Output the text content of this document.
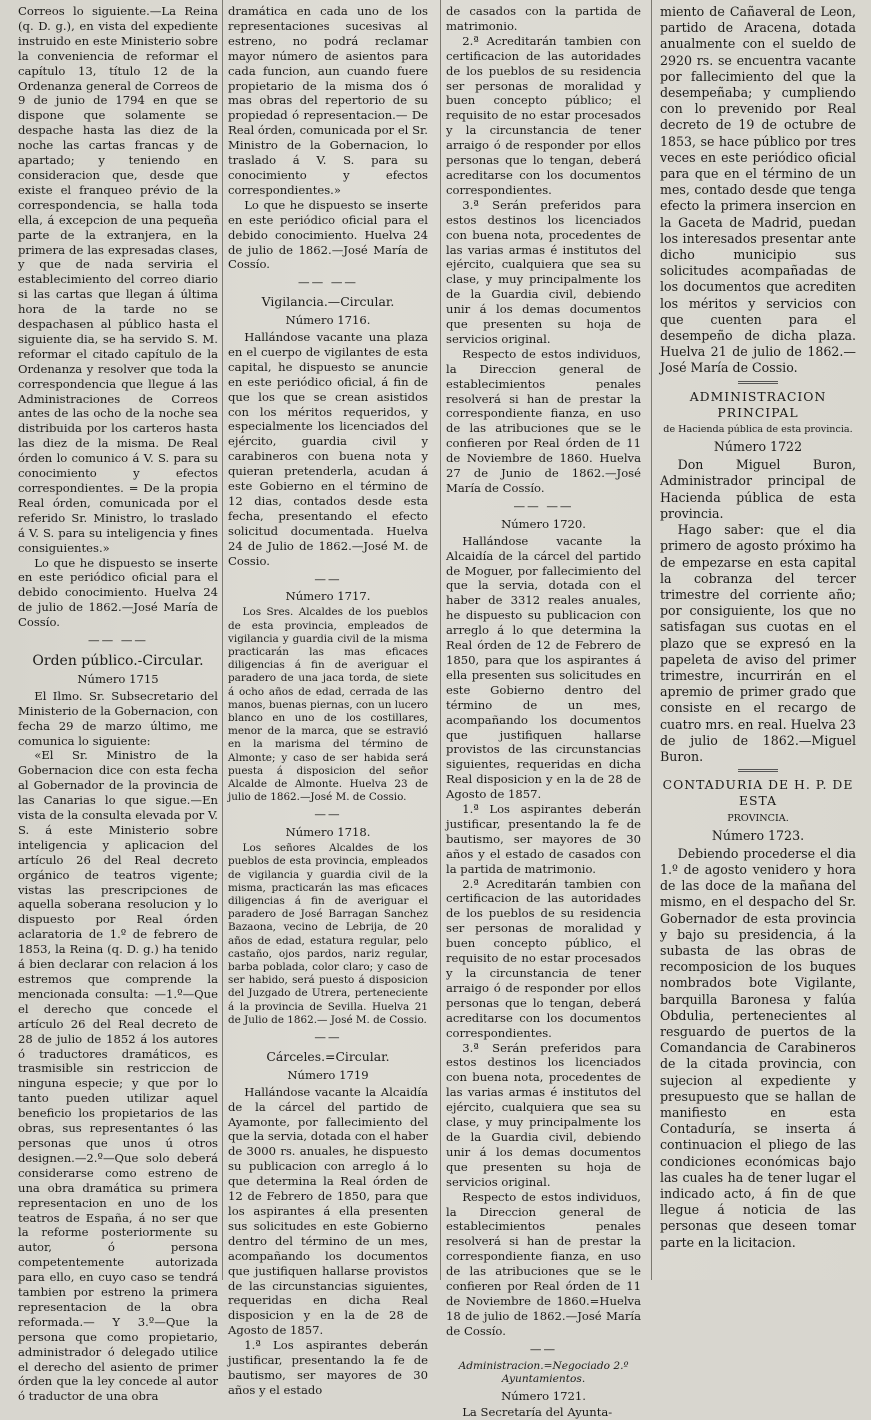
Correos lo siguiente.—La Reina (q. D. g.), en vista del expediente instruido en este Ministerio sobre la conveniencia de reformar el capítulo 13, título 12 de la Ordenanza general de Correos de 9 de junio de 1794 en que se dispone que solamente se despache hasta las diez de la noche las cartas francas y de apartado; y teniendo en consideracion que, desde que existe el franqueo prévio de la correspondencia, se halla toda ella, á excepcion de una pequeña parte de la extranjera, en la primera de las expresadas clases, y que de nada serviria el establecimiento del correo diario si las cartas que llegan á última hora de la tarde no se despachasen al público hasta el siguiente dia, se ha servido S. M. reformar el citado capítulo de la Ordenanza y resolver que toda la correspondencia que llegue á las Administraciones de Correos antes de las ocho de la noche sea distribuida por los carteros hasta las diez de la misma. De Real órden lo comunico á V. S. para su conocimiento y efectos correspondientes. = De la propia Real órden, comunicada por el referido Sr. Ministro, lo traslado á V. S. para su inteligencia y fines consiguientes.»

Lo que he dispuesto se inserte en este periódico oficial para el debido conocimiento. Huelva 24 de julio de 1862.—José María de Cossío.

—— ——
Orden público.-Circular.
Número 1715

El Ilmo. Sr. Subsecretario del Ministerio de la Gobernacion, con fecha 29 de marzo último, me comunica lo siguiente:

«El Sr. Ministro de la Gobernacion dice con esta fecha al Gobernador de la provincia de las Canarias lo que sigue.—En vista de la consulta elevada por V. S. á este Ministerio sobre inteligencia y aplicacion del artículo 26 del Real decreto orgánico de teatros vigente; vistas las prescripciones de aquella soberana resolucion y lo dispuesto por Real órden aclaratoria de 1.º de febrero de 1853, la Reina (q. D. g.) ha tenido á bien declarar con relacion á los estremos que comprende la mencionada consulta: —1.º—Que el derecho que concede el artículo 26 del Real decreto de 28 de julio de 1852 á los autores ó traductores dramáticos, es trasmisible sin restriccion de ninguna especie; y que por lo tanto pueden utilizar aquel beneficio los propietarios de las obras, sus representantes ó las personas que unos ú otros designen.—2.º—Que solo deberá considerarse como estreno de una obra dramática su primera representacion en uno de los teatros de España, á no ser que la reforme posteriormente su autor, ó persona competentemente autorizada para ello, en cuyo caso se tendrá tambien por estreno la primera representacion de la obra reformada.— Y 3.º—Que la persona que como propietario, administrador ó delegado utilice el derecho del asiento de primer órden que la ley concede al autor ó traductor de una obra

dramática en cada uno de los representaciones sucesivas al estreno, no podrá reclamar mayor número de asientos para cada funcion, aun cuando fuere propietario de la misma dos ó mas obras del repertorio de su propiedad ó representacion.— De Real órden, comunicada por el Sr. Ministro de la Gobernacion, lo traslado á V. S. para su conocimiento y efectos correspondientes.»

Lo que he dispuesto se inserte en este periódico oficial para el debido conocimiento. Huelva 24 de julio de 1862.—José María de Cossío.

—— ——
Vigilancia.—Circular.
Número 1716.

Hallándose vacante una plaza en el cuerpo de vigilantes de esta capital, he dispuesto se anuncie en este periódico oficial, á fin de que los que se crean asistidos con los méritos requeridos, y especialmente los licenciados del ejército, guardia civil y carabineros con buena nota y quieran pretenderla, acudan á este Gobierno en el término de 12 dias, contados desde esta fecha, presentando el efecto solicitud documentada. Huelva 24 de Julio de 1862.—José M. de Cossio.

——
Número 1717.

Los Sres. Alcaldes de los pueblos de esta provincia, empleados de vigilancia y guardia civil de la misma practicarán las mas eficaces diligencias á fin de averiguar el paradero de una jaca torda, de siete á ocho años de edad, cerrada de las manos, buenas piernas, con un lucero blanco en uno de los costillares, menor de la marca, que se estravió en la marisma del término de Almonte; y caso de ser habida será puesta á disposicion del señor Alcalde de Almonte. Huelva 23 de julio de 1862.—José M. de Cossio.

——
Número 1718.

Los señores Alcaldes de los pueblos de esta provincia, empleados de vigilancia y guardia civil de la misma, practicarán las mas eficaces diligencias á fin de averiguar el paradero de José Barragan Sanchez Bazaona, vecino de Lebrija, de 20 años de edad, estatura regular, pelo castaño, ojos pardos, nariz regular, barba poblada, color claro; y caso de ser habido, será puesto á disposicion del Juzgado de Utrera, perteneciente á la provincia de Sevilla. Huelva 21 de Julio de 1862.— José M. de Cossio.

——
Cárceles.=Circular.
Número 1719

Hallándose vacante la Alcaidía de la cárcel del partido de Ayamonte, por fallecimiento del que la servia, dotada con el haber de 3000 rs. anuales, he dispuesto su publicacion con arreglo á lo que determina la Real órden de 12 de Febrero de 1850, para que los aspirantes á ella presenten sus solicitudes en este Gobierno dentro del término de un mes, acompañando los documentos que justifiquen hallarse provistos de las circunstancias siguientes, requeridas en dicha Real disposicion y en la de 28 de Agosto de 1857.

1.ª Los aspirantes deberán justificar, presentando la fe de bautismo, ser mayores de 30 años y el estado

de casados con la partida de matrimonio.

2.ª Acreditarán tambien con certificacion de las autoridades de los pueblos de su residencia ser personas de moralidad y buen concepto público; el requisito de no estar procesados y la circunstancia de tener arraigo ó de responder por ellos personas que lo tengan, deberá acreditarse con los documentos correspondientes.

3.ª Serán preferidos para estos destinos los licenciados con buena nota, procedentes de las varias armas é institutos del ejército, cualquiera que sea su clase, y muy principalmente los de la Guardia civil, debiendo unir á los demas documentos que presenten su hoja de servicios original.

Respecto de estos individuos, la Direccion general de establecimientos penales resolverá si han de prestar la correspondiente fianza, en uso de las atribuciones que se le confieren por Real órden de 11 de Noviembre de 1860. Huelva 27 de Junio de 1862.—José María de Cossío.

—— ——
Número 1720.

Hallándose vacante la Alcaidía de la cárcel del partido de Moguer, por fallecimiento del que la servia, dotada con el haber de 3312 reales anuales, he dispuesto su publicacion con arreglo á lo que determina la Real órden de 12 de Febrero de 1850, para que los aspirantes á ella presenten sus solicitudes en este Gobierno dentro del término de un mes, acompañando los documentos que justifiquen hallarse provistos de las circunstancias siguientes, requeridas en dicha Real disposicion y en la de 28 de Agosto de 1857.

1.ª Los aspirantes deberán justificar, presentando la fe de bautismo, ser mayores de 30 años y el estado de casados con la partida de matrimonio.

2.ª Acreditarán tambien con certificacion de las autoridades de los pueblos de su residencia ser personas de moralidad y buen concepto público, el requisito de no estar procesados y la circunstancia de tener arraigo ó de responder por ellos personas que lo tengan, deberá acreditarse con los documentos correspondientes.

3.ª Serán preferidos para estos destinos los licenciados con buena nota, procedentes de las varias armas é institutos del ejército, cualquiera que sea su clase, y muy principalmente los de la Guardia civil, debiendo unir á los demas documentos que presenten su hoja de servicios original.

Respecto de estos individuos, la Direccion general de establecimientos penales resolverá si han de prestar la correspondiente fianza, en uso de las atribuciones que se le confieren por Real órden de 11 de Noviembre de 1860.=Huelva 18 de julio de 1862.—José María de Cossío.

——
Administracion.=Negociado 2.º
Ayuntamientos.
Número 1721.

La Secretaría del Ayunta-

miento de Cañaveral de Leon, partido de Aracena, dotada anualmente con el sueldo de 2920 rs. se encuentra vacante por fallecimiento del que la desempeñaba; y cumpliendo con lo prevenido por Real decreto de 19 de octubre de 1853, se hace público por tres veces en este periódico oficial para que en el término de un mes, contado desde que tenga efecto la primera insercion en la Gaceta de Madrid, puedan los interesados presentar ante dicho municipio sus solicitudes acompañadas de los documentos que acrediten los méritos y servicios con que cuenten para el desempeño de dicha plaza. Huelva 21 de julio de 1862.—José María de Cossio.

ADMINISTRACION PRINCIPAL
de Hacienda pública de esta provincia.
Número 1722

Don Miguel Buron, Administrador principal de Hacienda pública de esta provincia.

Hago saber: que el dia primero de agosto próximo ha de empezarse en esta capital la cobranza del tercer trimestre del corriente año; por consiguiente, los que no satisfagan sus cuotas en el plazo que se expresó en la papeleta de aviso del primer trimestre, incurrirán en el apremio de primer grado que consiste en el recargo de cuatro mrs. en real. Huelva 23 de julio de 1862.—Miguel Buron.

CONTADURIA DE H. P. DE ESTA
PROVINCIA.
Número 1723.

Debiendo procederse el dia 1.º de agosto venidero y hora de las doce de la mañana del mismo, en el despacho del Sr. Gobernador de esta provincia y bajo su presidencia, á la subasta de las obras de recomposicion de los buques nombrados bote Vigilante, barquilla Baronesa y falúa Obdulia, pertenecientes al resguardo de puertos de la Comandancia de Carabineros de la citada provincia, con sujecion al expediente y presupuesto que se hallan de manifiesto en esta Contaduría, se inserta á continuacion el pliego de las condiciones económicas bajo las cuales ha de tener lugar el indicado acto, á fin de que llegue á noticia de las personas que deseen tomar parte en la licitacion.
